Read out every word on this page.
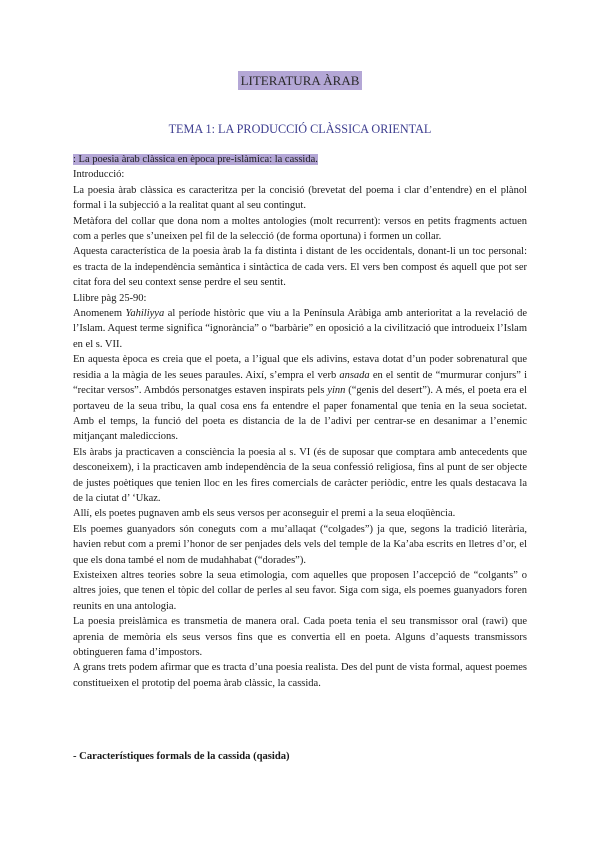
LITERATURA ÀRAB
TEMA 1: LA PRODUCCIÓ CLÀSSICA ORIENTAL

: La poesia àrab clàssica en època pre-islàmica: la cassida.

Introducció:

La poesia àrab clàssica es caracteritza per la concisió (brevetat del poema i clar d’entendre) en el plànol formal i la subjecció a la realitat quant al seu contingut.

Metàfora del collar que dona nom a moltes antologies (molt recurrent): versos en petits fragments actuen com a perles que s’uneixen pel fil de la selecció (de forma oportuna) i formen un collar.

Aquesta característica de la poesia àrab la fa distinta i distant de les occidentals, donant-li un toc personal: es tracta de la independència semàntica i sintàctica de cada vers. El vers ben compost és aquell que pot ser citat fora del seu context sense perdre el seu sentit.

Llibre pàg 25-90:

Anomenem Yahiliyya al període històric que viu a la Península Aràbiga amb anterioritat a la revelació de l’Islam. Aquest terme significa “ignorància” o “barbàrie” en oposició a la civilització que introdueix l’Islam en el s. VII.

En aquesta època es creia que el poeta, a l’igual que els adivins, estava dotat d’un poder sobrenatural que residia a la màgia de les seues paraules. Així, s’empra el verb ansada en el sentit de “murmurar conjurs” i “recitar versos”. Ambdós personatges estaven inspirats pels yinn (“genis del desert”). A més, el poeta era el portaveu de la seua tribu, la qual cosa ens fa entendre el paper fonamental que tenia en la seua societat. Amb el temps, la funció del poeta es distancia de la de l’adivi per centrar-se en desanimar a l’enemic mitjançant malediccions.

Els àrabs ja practicaven a consciència la poesia al s. VI (és de suposar que comptara amb antecedents que desconeixem), i la practicaven amb independència de la seua confessió religiosa, fins al punt de ser objecte de justes poètiques que tenien lloc en les fires comercials de caràcter periòdic, entre les quals destacava la de la ciutat d’ ‘Ukaz.

Allí, els poetes pugnaven amb els seus versos per aconseguir el premi a la seua eloqüència.

Els poemes guanyadors són coneguts com a mu’allaqat (“colgades”) ja que, segons la tradició literària, havien rebut com a premi l’honor de ser penjades dels vels del temple de la Ka’aba escrits en lletres d’or, el que els dona també el nom de mudahhabat (“dorades”).

Existeixen altres teories sobre la seua etimologia, com aquelles que proposen l’accepció de “colgants” o altres joies, que tenen el tòpic del collar de perles al seu favor. Siga com siga, els poemes guanyadors foren reunits en una antologia.

La poesia preislàmica es transmetia de manera oral. Cada poeta tenia el seu transmissor oral (rawi) que aprenia de memòria els seus versos fins que es convertia ell en poeta. Alguns d’aquests transmissors obtingueren fama d’impostors.

A grans trets podem afirmar que es tracta d’una poesia realista. Des del punt de vista formal, aquest poemes constitueixen el prototip del poema àrab clàssic, la cassida.

- Característiques formals de la cassida (qasida)
